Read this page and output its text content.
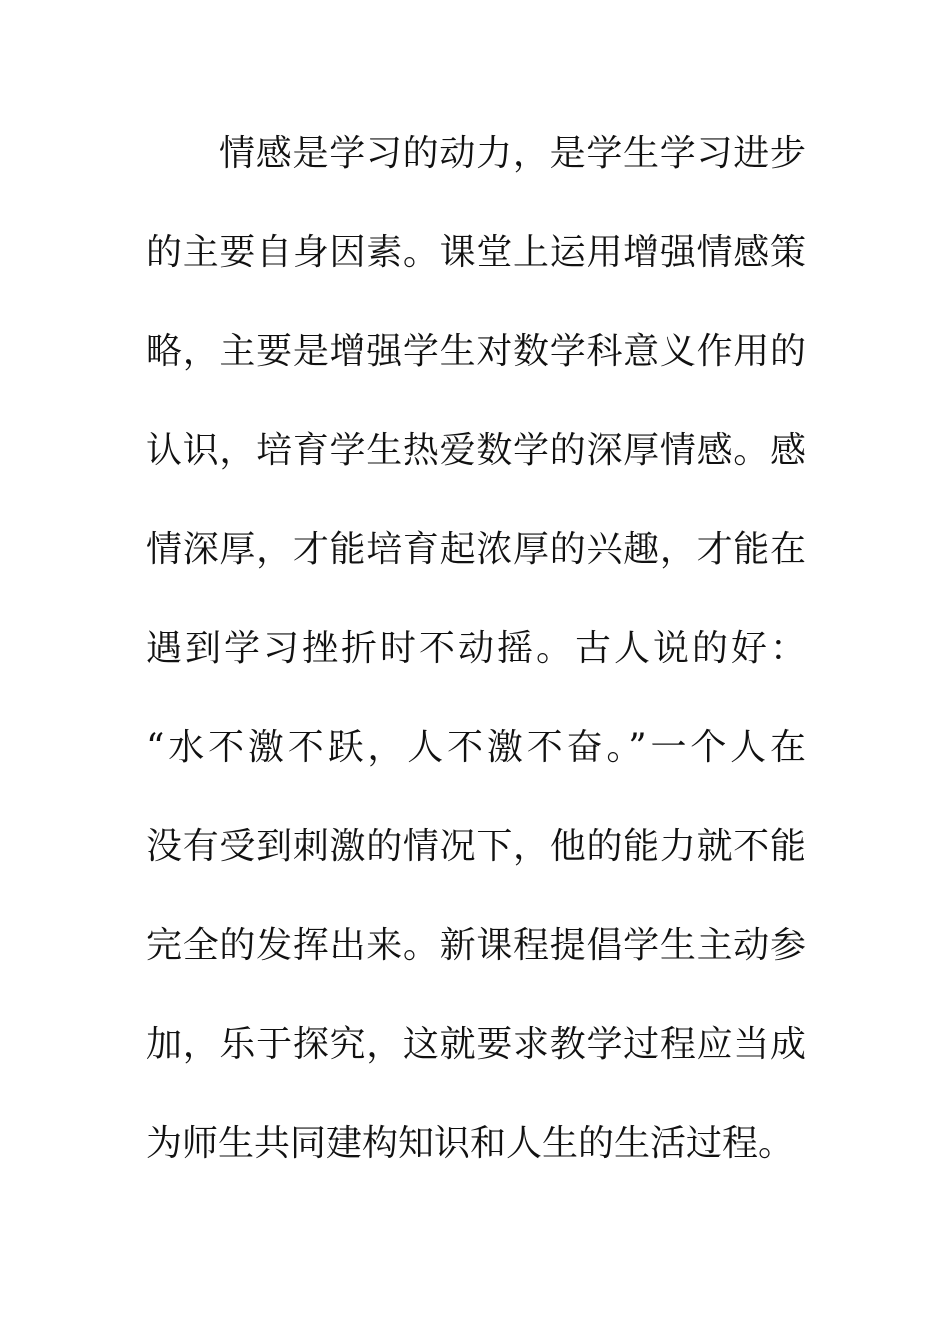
情感是学习的动力，是学生学习进步
的主要自身因素。课堂上运用增强情感策
略，主要是增强学生对数学科意义作用的
认识，培育学生热爱数学的深厚情感。感
情深厚，才能培育起浓厚的兴趣，才能在
遇到学习挫折时不动摇。古人说的好：
“水不激不跃，人不激不奋。”一个人在
没有受到刺激的情况下，他的能力就不能
完全的发挥出来。新课程提倡学生主动参
加，乐于探究，这就要求教学过程应当成
为师生共同建构知识和人生的生活过程。
